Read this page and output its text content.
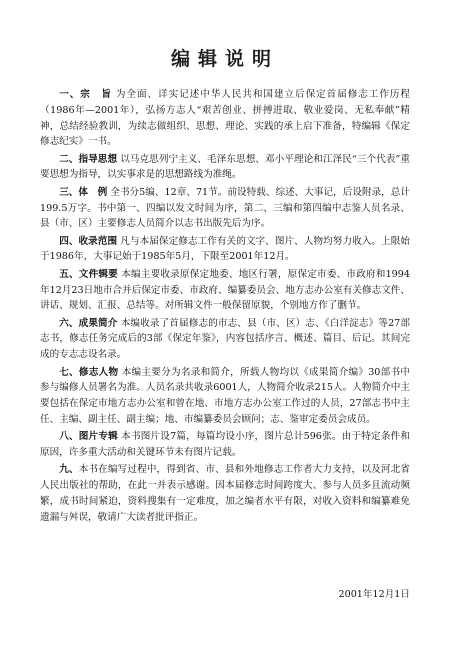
编辑说明

一、宗　旨 为全面、详实记述中华人民共和国建立后保定首届修志工作历程（1986年—2001年），弘扬方志人“艰苦创业、拼搏进取、敬业爱岗、无私奉献”精神，总结经验教训，为续志做组织、思想、理论、实践的承上启下准备，特编辑《保定修志纪实》一书。

二、指导思想 以马克思列宁主义、毛泽东思想、邓小平理论和江泽民“三个代表”重要思想为指导，以实事求是的思想路线为准绳。

三、体　例 全书分5编、12章、71节。前设特载、综述、大事记，后设附录，总计199.5万字。书中第一、四编以发文时间为序，第二、三编和第四编中志鉴人员名录、县（市、区）主要修志人员简介以志书出版先后为序。

四、收录范围 凡与本届保定修志工作有关的文字、图片、人物均努力收入。上限始于1986年，大事记始于1985年5月，下限至2001年12月。

五、文件辑要 本编主要收录原保定地委、地区行署，原保定市委、市政府和1994年12月23日地市合并后保定市委、市政府、编纂委员会、地方志办公室有关修志文件、讲话、规划、汇报、总结等。对所辑文件一般保留原貌，个别地方作了删节。

六、成果简介 本编收录了首届修志的市志、县（市、区）志、《白洋淀志》等27部志书，修志任务完成后的3部《保定年鉴》，内容包括序言、概述、篇目、后记。其间完成的专志志设名录。

七、修志人物 本编主要分为名录和简介，所载人物均以《成果简介编》30部书中参与编修人员署名为准。人员名录共收录6001人，人物简介收录215人。人物简介中主要包括在保定市地方志办公室和曾在地、市地方志办公室工作过的人员，27部志书中主任、主编、副主任、副主编；地、市编纂委员会顾问；志、鉴审定委员会成员。

八、图片专辑 本书图片设7篇，每篇均设小序，图片总计596张。由于特定条件和原因，许多重大活动和关键环节未有图片记载。

九、本书在编写过程中，得到省、市、县和外地修志工作者大力支持，以及河北省人民出版社的帮助，在此一并表示感谢。因本届修志时间跨度大、参与人员多且流动频繁，成书时间紧迫，资料搜集有一定难度，加之编者水平有限，对收入资料和编纂难免遗漏与舛误，敬请广大读者批评指正。

2001年12月1日
